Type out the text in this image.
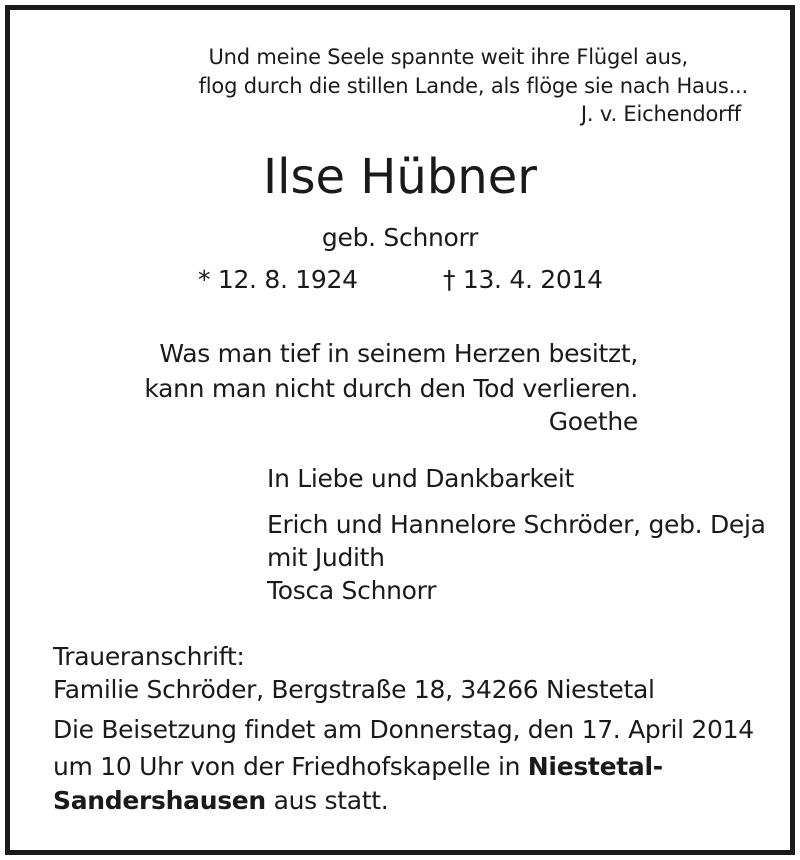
Und meine Seele spannte weit ihre Flügel aus,

flog durch die stillen Lande, als flöge sie nach Haus...

J. v. Eichendorff

Ilse Hübner

geb. Schnorr

* 12. 8. 1924	† 13. 4. 2014

Was man tief in seinem Herzen besitzt,

kann man nicht durch den Tod verlieren.

Goethe

In Liebe und Dankbarkeit

Erich und Hannelore Schröder, geb. Deja

mit Judith

Tosca Schnorr

Traueranschrift:

Familie Schröder, Bergstraße 18, 34266 Niestetal

Die Beisetzung findet am Donnerstag, den 17. April 2014

um 10 Uhr von der Friedhofskapelle in Niestetal-

Sandershausen aus statt.
